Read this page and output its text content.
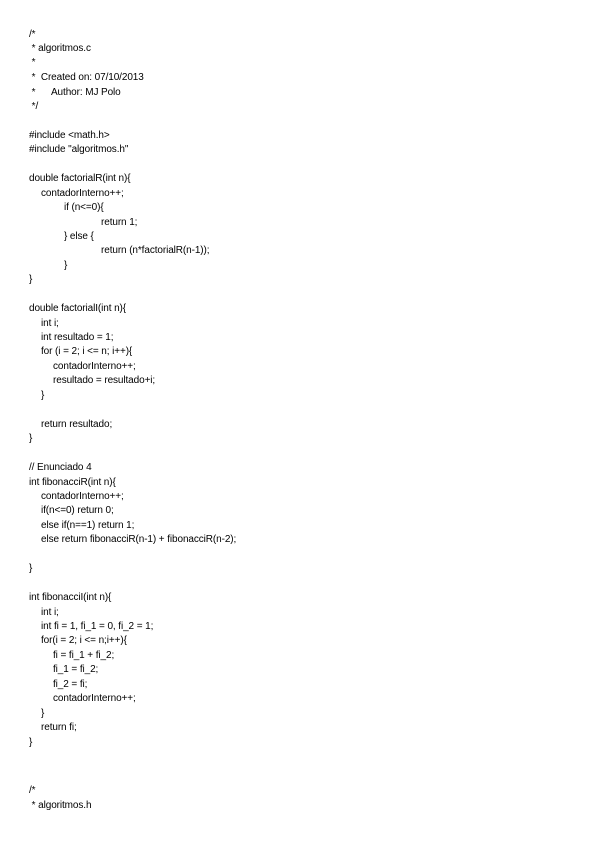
/*
* algoritmos.c
*
*  Created on: 07/10/2013
*      Author: MJ Polo
*/
#include <math.h>
#include "algoritmos.h"
double factorialR(int n){
contadorInterno++;
if (n<=0){
return 1;
} else {
return (n*factorialR(n-1));
}
}
double factorialI(int n){
int i;
int resultado = 1;
for (i = 2; i <= n; i++){
contadorInterno++;
resultado = resultado+i;
}
return resultado;
}
// Enunciado 4
int fibonacciR(int n){
contadorInterno++;
if(n<=0) return 0;
else if(n==1) return 1;
else return fibonacciR(n-1) + fibonacciR(n-2);
}
int fibonacciI(int n){
int i;
int fi = 1, fi_1 = 0, fi_2 = 1;
for(i = 2; i <= n;i++){
fi = fi_1 + fi_2;
fi_1 = fi_2;
fi_2 = fi;
contadorInterno++;
}
return fi;
}
/*
* algoritmos.h
